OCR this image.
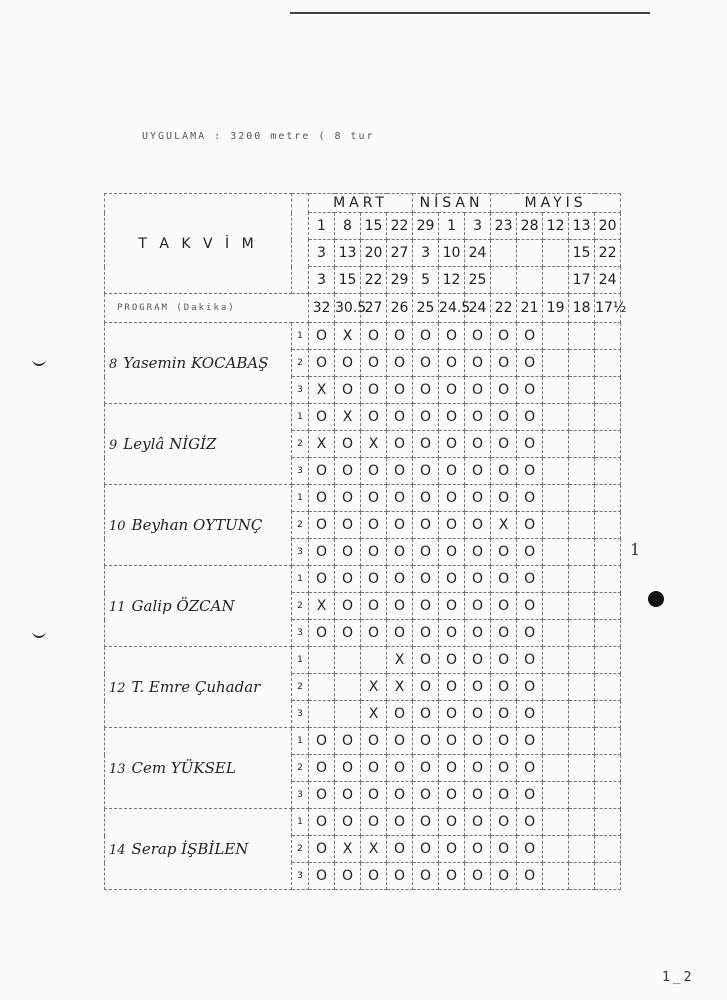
UYGULAMA : 3200 metre ( 8 tur
T A K V İ M		MART				NİSAN			MAYIS				
		1	8	15	22	29	1	3	23	28	12	13	20
		3	13	20	27	3	10	24				15	22
		3	15	22	29	5	12	25				17	24
PROGRAM (Dakika)		32	30.5	27	26	25	24.5	24	22	21	19	18	17½
8 Yasemin KOCABAŞ	1	O	X	O	O	O	O	O	O	O			
	2	O	O	O	O	O	O	O	O	O			
	3	X	O	O	O	O	O	O	O	O			
9 Leylâ NİGİZ	1	O	X	O	O	O	O	O	O	O			
	2	X	O	X	O	O	O	O	O	O			
	3	O	O	O	O	O	O	O	O	O			
10 Beyhan OYTUNÇ	1	O	O	O	O	O	O	O	O	O			
	2	O	O	O	O	O	O	O	X	O			
	3	O	O	O	O	O	O	O	O	O			
11 Galip ÖZCAN	1	O	O	O	O	O	O	O	O	O			
	2	X	O	O	O	O	O	O	O	O			
	3	O	O	O	O	O	O	O	O	O			
12 T. Emre Çuhadar	1				X	O	O	O	O	O			
	2			X	X	O	O	O	O	O			
	3			X	O	O	O	O	O	O			
13 Cem YÜKSEL	1	O	O	O	O	O	O	O	O	O			
	2	O	O	O	O	O	O	O	O	O			
	3	O	O	O	O	O	O	O	O	O			
14 Serap İŞBİLEN	1	O	O	O	O	O	O	O	O	O			
	2	O	X	X	O	O	O	O	O	O			
	3	O	O	O	O	O	O	O	O	O			
1
1_2
